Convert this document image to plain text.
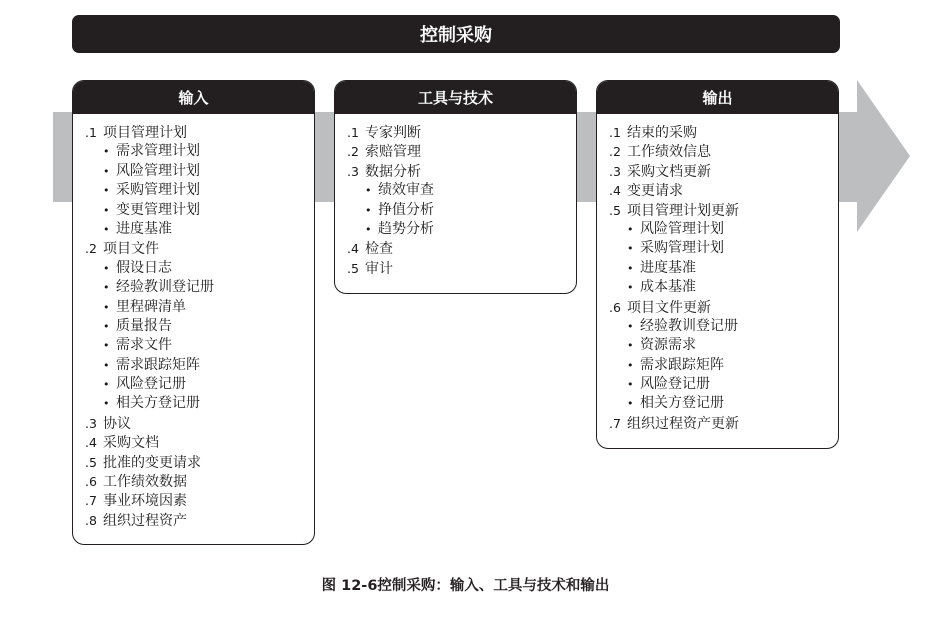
控制采购
输入
.1 项目管理计划
• 需求管理计划
• 风险管理计划
• 采购管理计划
• 变更管理计划
• 进度基准
.2 项目文件
• 假设日志
• 经验教训登记册
• 里程碑清单
• 质量报告
• 需求文件
• 需求跟踪矩阵
• 风险登记册
• 相关方登记册
.3 协议
.4 采购文档
.5 批准的变更请求
.6 工作绩效数据
.7 事业环境因素
.8 组织过程资产
工具与技术
.1 专家判断
.2 索赔管理
.3 数据分析
• 绩效审查
• 挣值分析
• 趋势分析
.4 检查
.5 审计
输出
.1 结束的采购
.2 工作绩效信息
.3 采购文档更新
.4 变更请求
.5 项目管理计划更新
• 风险管理计划
• 采购管理计划
• 进度基准
• 成本基准
.6 项目文件更新
• 经验教训登记册
• 资源需求
• 需求跟踪矩阵
• 风险登记册
• 相关方登记册
.7 组织过程资产更新
图 12-6控制采购：输入、工具与技术和输出
